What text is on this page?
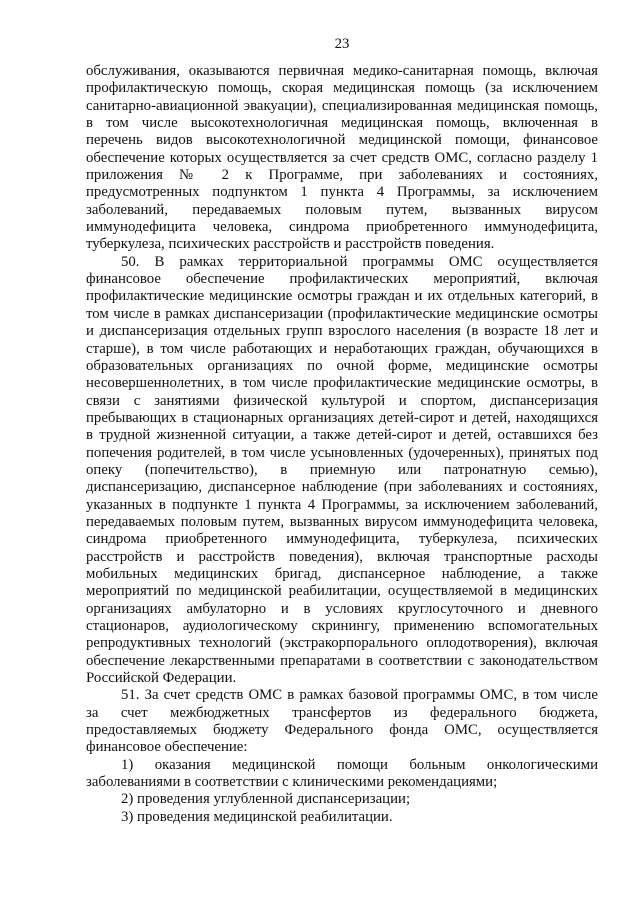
23
обслуживания, оказываются первичная медико-санитарная помощь, включая
профилактическую помощь, скорая медицинская помощь (за исключением
санитарно-авиационной эвакуации), специализированная медицинская помощь,
в том числе высокотехнологичная медицинская помощь, включенная в
перечень видов высокотехнологичной медицинской помощи, финансовое
обеспечение которых осуществляется за счет средств ОМС, согласно разделу 1
приложения № 2 к Программе, при заболеваниях и состояниях,
предусмотренных подпунктом 1 пункта 4 Программы, за исключением
заболеваний, передаваемых половым путем, вызванных вирусом
иммунодефицита человека, синдрома приобретенного иммунодефицита,
туберкулеза, психических расстройств и расстройств поведения.
50. В рамках территориальной программы ОМС осуществляется
финансовое обеспечение профилактических мероприятий, включая
профилактические медицинские осмотры граждан и их отдельных категорий, в
том числе в рамках диспансеризации (профилактические медицинские осмотры
и диспансеризация отдельных групп взрослого населения (в возрасте 18 лет и
старше), в том числе работающих и неработающих граждан, обучающихся в
образовательных организациях по очной форме, медицинские осмотры
несовершеннолетних, в том числе профилактические медицинские осмотры, в
связи с занятиями физической культурой и спортом, диспансеризация
пребывающих в стационарных организациях детей-сирот и детей, находящихся
в трудной жизненной ситуации, а также детей-сирот и детей, оставшихся без
попечения родителей, в том числе усыновленных (удочеренных), принятых под
опеку (попечительство), в приемную или патронатную семью),
диспансеризацию, диспансерное наблюдение (при заболеваниях и состояниях,
указанных в подпункте 1 пункта 4 Программы, за исключением заболеваний,
передаваемых половым путем, вызванных вирусом иммунодефицита человека,
синдрома приобретенного иммунодефицита, туберкулеза, психических
расстройств и расстройств поведения), включая транспортные расходы
мобильных медицинских бригад, диспансерное наблюдение, а также
мероприятий по медицинской реабилитации, осуществляемой в медицинских
организациях амбулаторно и в условиях круглосуточного и дневного
стационаров, аудиологическому скринингу, применению вспомогательных
репродуктивных технологий (экстракорпорального оплодотворения), включая
обеспечение лекарственными препаратами в соответствии с законодательством
Российской Федерации.
51. За счет средств ОМС в рамках базовой программы ОМС, в том числе
за счет межбюджетных трансфертов из федерального бюджета,
предоставляемых бюджету Федерального фонда ОМС, осуществляется
финансовое обеспечение:
1) оказания медицинской помощи больным онкологическими
заболеваниями в соответствии с клиническими рекомендациями;
2) проведения углубленной диспансеризации;
3) проведения медицинской реабилитации.
